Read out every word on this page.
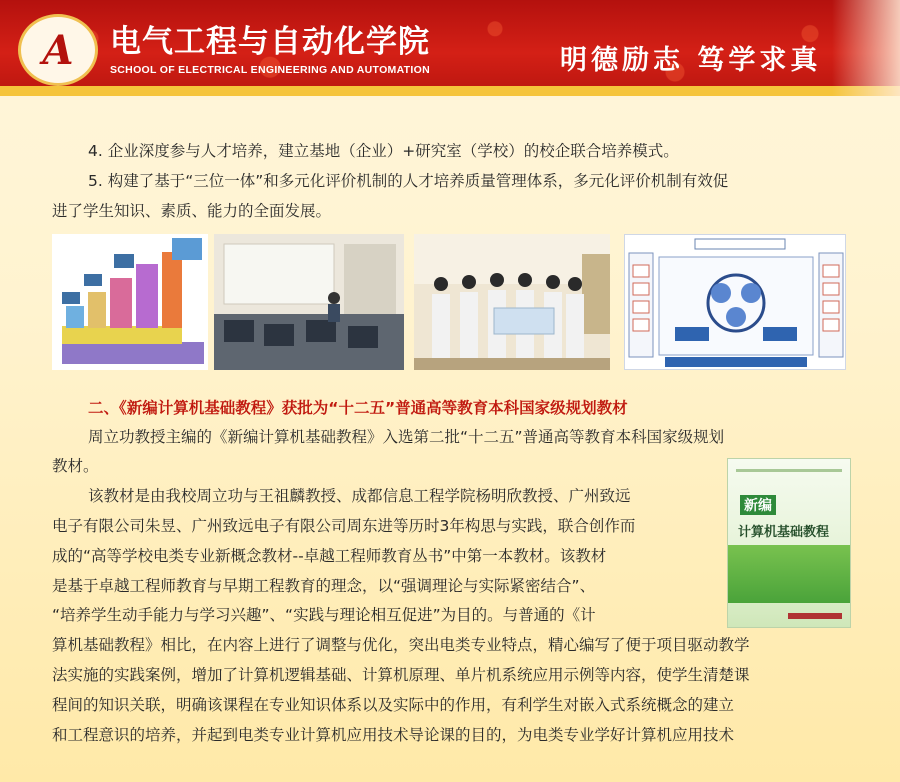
A 电气工程与自动化学院
SCHOOL OF ELECTRICAL ENGINEERING AND AUTOMATION	明德励志 笃学求真

4. 企业深度参与人才培养，建立基地（企业）+研究室（学校）的校企联合培养模式。

5. 构建了基于“三位一体”和多元化评价机制的人才培养质量管理体系，多元化评价机制有效促

进了学生知识、素质、能力的全面发展。

二、《新编计算机基础教程》获批为“十二五”普通高等教育本科国家级规划教材

周立功教授主编的《新编计算机基础教程》入选第二批“十二五”普通高等教育本科国家级规划

教材。

该教材是由我校周立功与王祖麟教授、成都信息工程学院杨明欣教授、广州致远

电子有限公司朱昱、广州致远电子有限公司周东进等历时3年构思与实践，联合创作而

成的“高等学校电类专业新概念教材--卓越工程师教育丛书”中第一本教材。该教材

是基于卓越工程师教育与早期工程教育的理念，以“强调理论与实际紧密结合”、

“培养学生动手能力与学习兴趣”、“实践与理论相互促进”为目的。与普通的《计

算机基础教程》相比，在内容上进行了调整与优化，突出电类专业特点，精心编写了便于项目驱动教学

法实施的实践案例，增加了计算机逻辑基础、计算机原理、单片机系统应用示例等内容，使学生清楚课

程间的知识关联，明确该课程在专业知识体系以及实际中的作用，有利学生对嵌入式系统概念的建立

和工程意识的培养，并起到电类专业计算机应用技术导论课的目的，为电类专业学好计算机应用技术

新编
计算机基础教程
